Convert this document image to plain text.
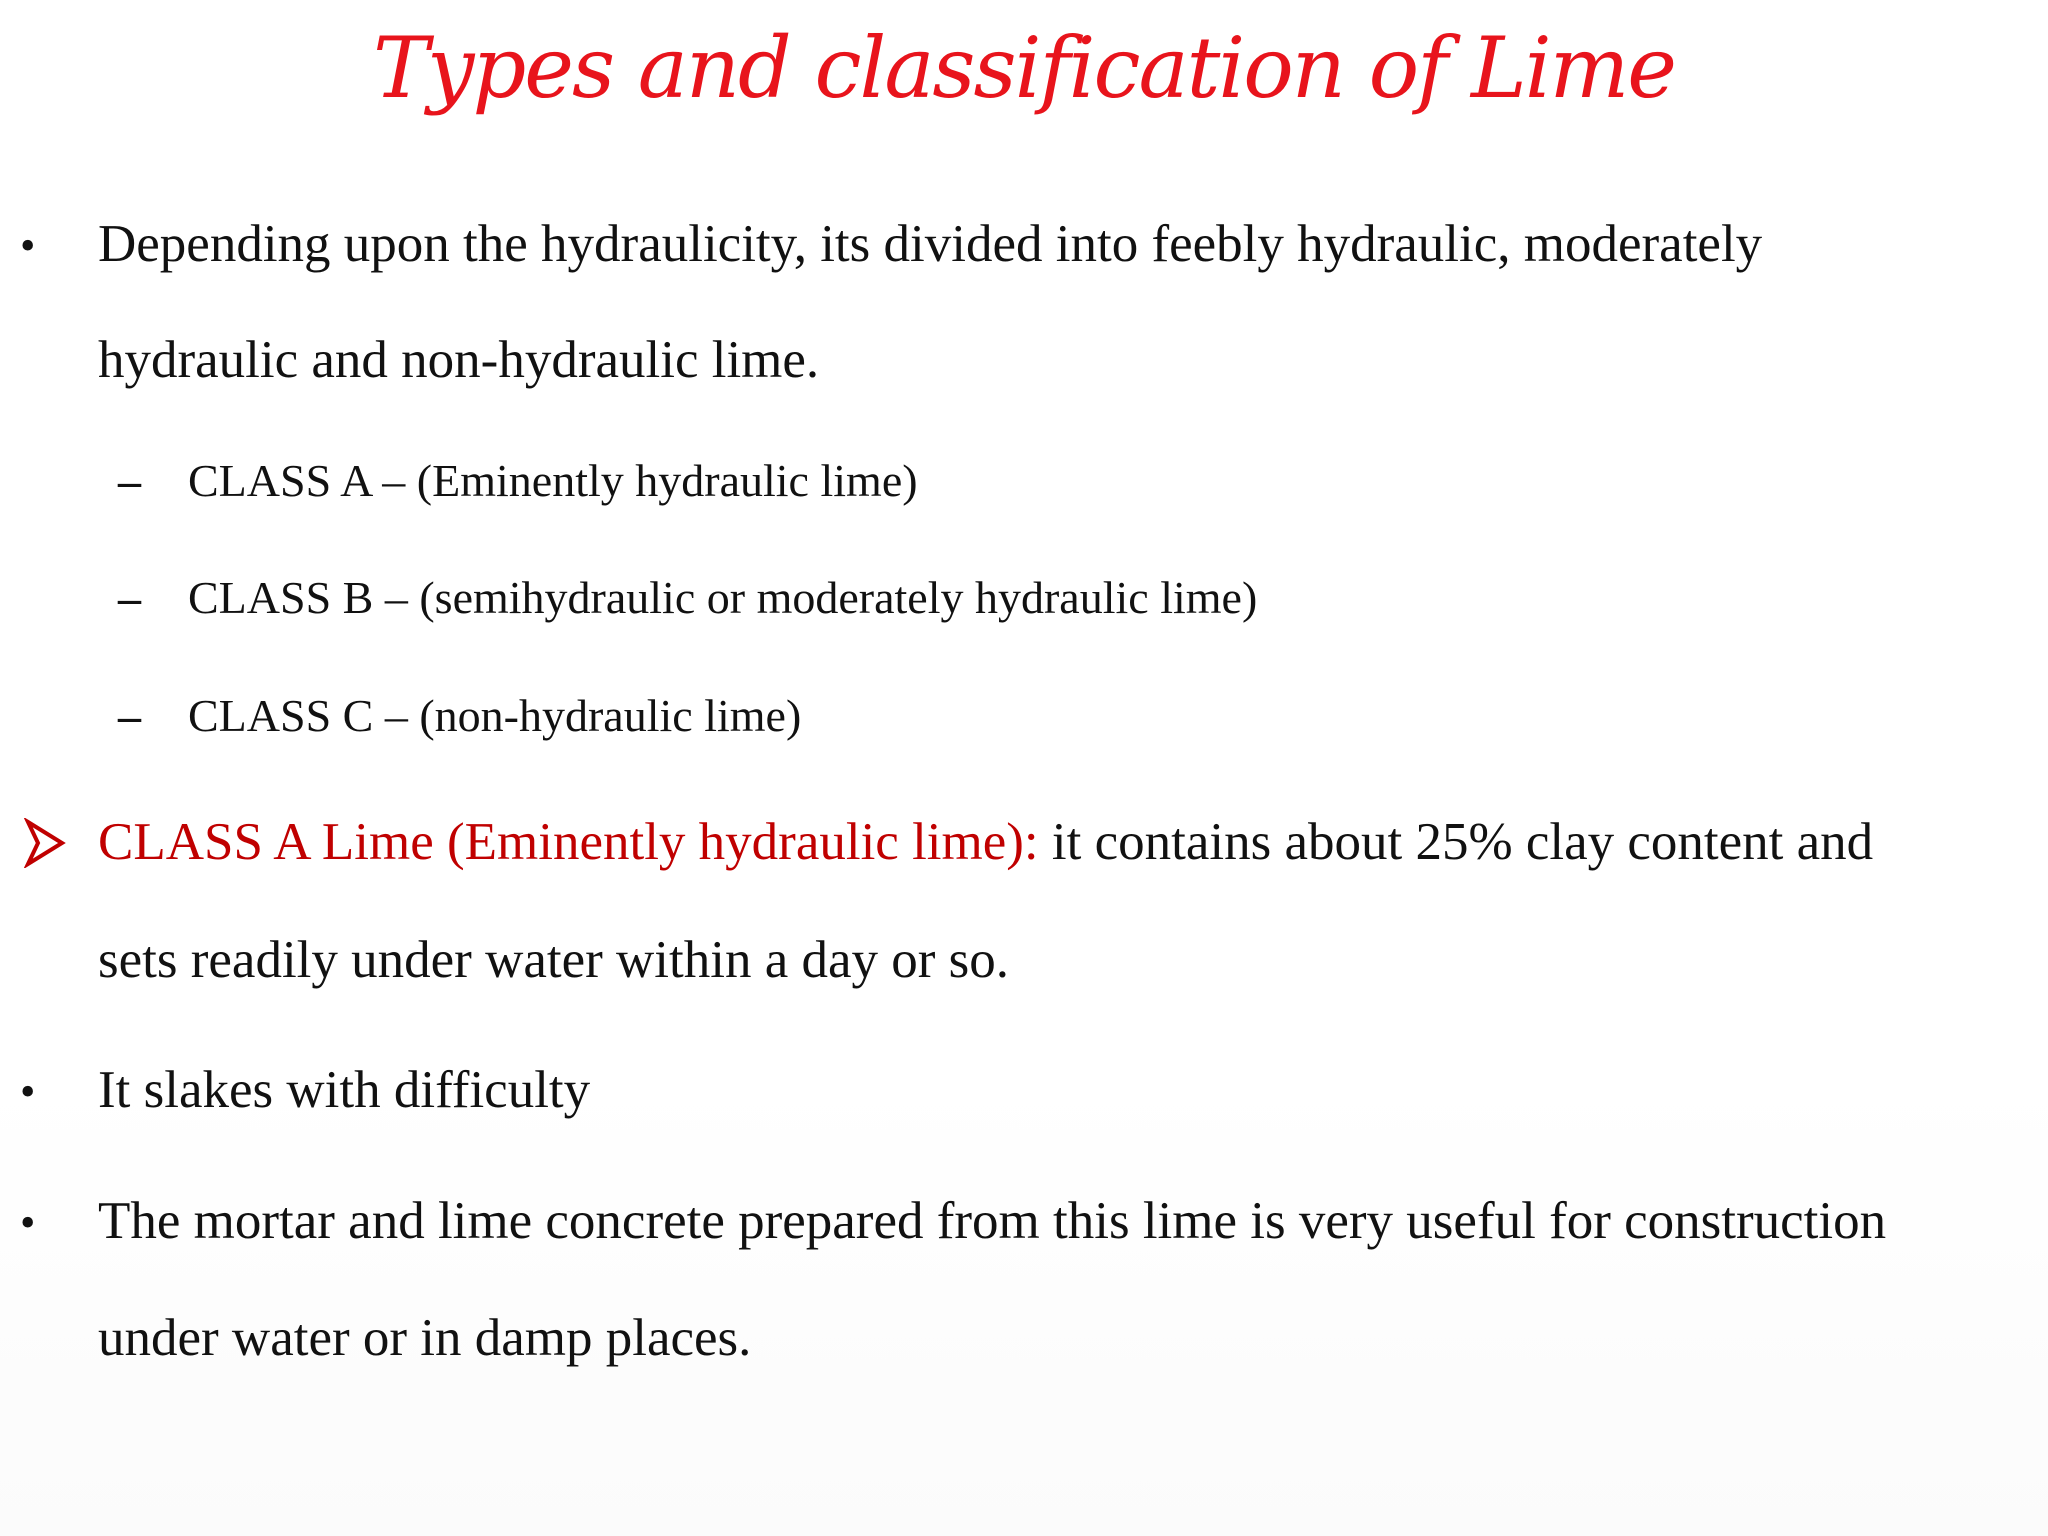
Types and classification of Lime
• Depending upon the hydraulicity, its divided into feebly hydraulic, moderately
hydraulic and non-hydraulic lime.
– CLASS A – (Eminently hydraulic lime)
– CLASS B – (semihydraulic or moderately hydraulic lime)
– CLASS C – (non-hydraulic lime)
CLASS A Lime (Eminently hydraulic lime): it contains about 25% clay content and
sets readily under water within a day or so.
• It slakes with difficulty
• The mortar and lime concrete prepared from this lime is very useful for construction
under water or in damp places.
